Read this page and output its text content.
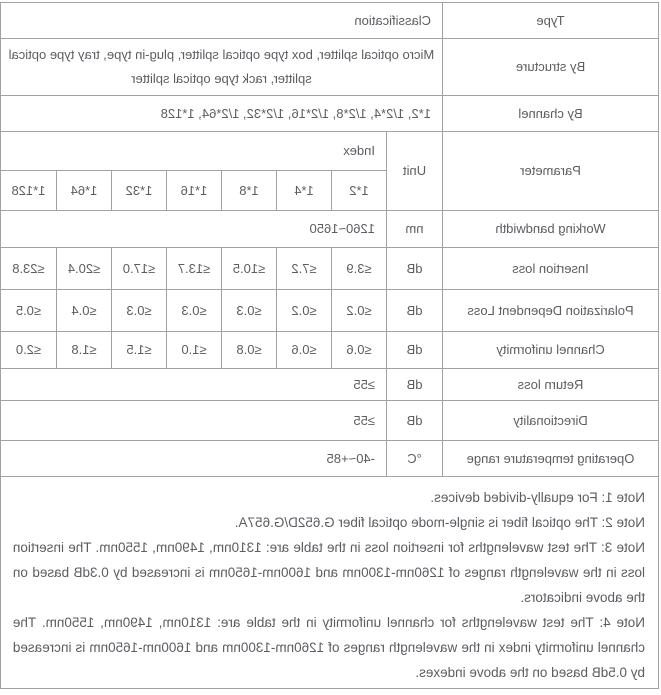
Type	Classification							
By structure	Micro optical splitter, box type optical splitter, plug-in type, tray type optical splitter, rack type optical splitter							
By channel	1*2, 1/2*4, 1/2*8, 1/2*16, 1/2*32, 1/2*64, 1*128							
Parameter	Unit	Index						
		1*2	1*4	1*8	1*16	1*32	1*64	1*128
Working bandwidth	nm	1260~1650						
Insertion loss	dB	≤3.9	≤7.2	≤10.5	≤13.7	≤17.0	≤20.4	≤23.8
Polarization Dependent Loss	dB	≤0.2	≤0.2	≤0.3	≤0.3	≤0.3	≤0.4	≤0.5
Channel uniformity	dB	≤0.6	≤0.6	≤0.8	≤1.0	≤1.5	≤1.8	≤2.0
Return loss	dB	≥55						
Directionality	dB	≥55						
Operating temperature range	°C	-40~+85						

Note 1: For equally-divided devices.

Note 2: The optical fiber is single-mode optical fiber G.652D/G.657A.

Note 3: The test wavelengths for insertion loss in the table are: 1310nm, 1490nm, 1550nm. The insertion loss in the wavelength ranges of 1260nm-1300nm and 1600nm-1650nm is increased by 0.3dB based on the above indicators.

Note 4: The test wavelengths for channel uniformity in the table are: 1310nm, 1490nm, 1550nm. The channel uniformity index in the wavelength ranges of 1260nm-1300nm and 1600nm-1650nm is increased by 0.5dB based on the above indexes.								
